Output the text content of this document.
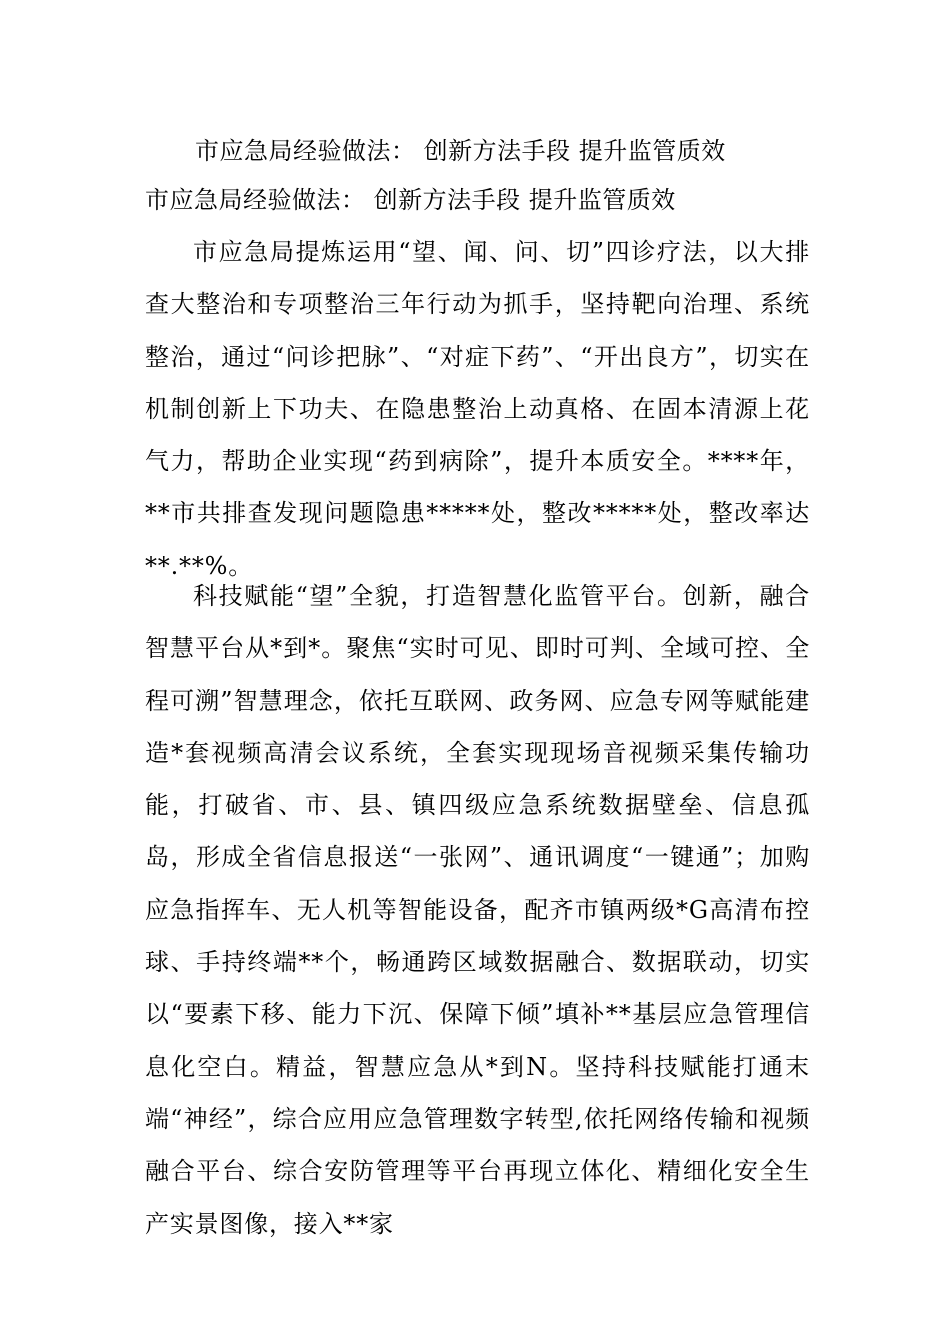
市应急局经验做法： 创新方法手段 提升监管质效
市应急局经验做法： 创新方法手段 提升监管质效

市应急局提炼运用“望、闻、问、切”四诊疗法，以大排查大整治和专项整治三年行动为抓手，坚持靶向治理、系统整治，通过“问诊把脉”、“对症下药”、“开出良方”，切实在机制创新上下功夫、在隐患整治上动真格、在固本清源上花气力，帮助企业实现“药到病除”，提升本质安全。****年，**市共排查发现问题隐患*****处，整改*****处，整改率达**.**%。

科技赋能“望”全貌，打造智慧化监管平台。创新，融合智慧平台从*到*。聚焦“实时可见、即时可判、全域可控、全程可溯”智慧理念，依托互联网、政务网、应急专网等赋能建造*套视频高清会议系统，全套实现现场音视频采集传输功能，打破省、市、县、镇四级应急系统数据壁垒、信息孤岛，形成全省信息报送“一张网”、通讯调度“一键通”；加购应急指挥车、无人机等智能设备，配齐市镇两级*G高清布控球、手持终端**个，畅通跨区域数据融合、数据联动，切实以“要素下移、能力下沉、保障下倾”填补**基层应急管理信息化空白。精益，智慧应急从*到N。坚持科技赋能打通末端“神经”，综合应用应急管理数字转型,依托网络传输和视频融合平台、综合安防管理等平台再现立体化、精细化安全生产实景图像，接入**家
